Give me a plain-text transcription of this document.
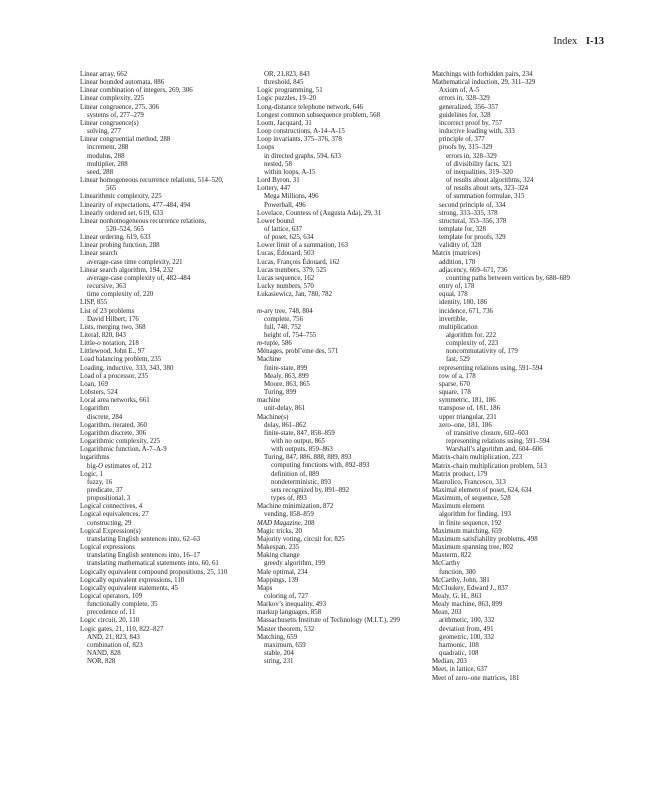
Index I-13
Linear array, 662
Linear bounded automata, 886
Linear combination of integers, 269, 306
Linear complexity, 225
Linear congruence, 275, 306
systems of, 277–279
Linear congruence(s)
solving, 277
Linear congruential method, 288
increment, 288
modulus, 288
multiplier, 288
seed, 288
Linear homogeneous recurrence relations, 514–520,
565
Linearithmic complexity, 225
Linearity of expectations, 477–484, 494
Linearly ordered set, 619, 633
Linear nonhomogeneous recurrence relations,
520–524, 565
Linear ordering, 619, 633
Linear probing function, 288
Linear search
average-case time complexity, 221
Linear search algorithm, 194, 232
average-case complexity of, 482–484
recursive, 363
time complexity of, 220
LISP, 855
List of 23 problems
David Hilbert, 176
Lists, merging two, 368
Literal, 820, 843
Little-o notation, 218
Littlewood, John E., 97
Load balancing problem, 235
Loading, inductive, 333, 343, 380
Load of a processor, 235
Loan, 169
Lobsters, 524
Local area networks, 661
Logarithm
discrete, 284
Logarithm, iterated, 360
Logarithm discrete, 306
Logarithmic complexity, 225
Logarithmic function, A-7–A-9
logarithms
big-O estimates of, 212
Logic, 1
fuzzy, 16
predicate, 37
propositional, 3
Logical connectives, 4
Logical equivalences, 27
constructing, 29
Logical Expression(s)
translating English sentences into, 62–63
Logical expressions
translating English sentences into, 16–17
translating mathematical statements into, 60, 61
Logically equivalent compound propositions, 25, 110
Logically equivalent expressions, 110
Logically equivalent statements, 45
Logical operators, 109
functionally complete, 35
precedence of, 11
Logic circuit, 20, 110
Logic gates, 21, 110, 822–827
AND, 21, 823, 843
combination of, 823
NAND, 828
NOR, 828
OR, 21,823, 843
threshold, 845
Logic programming, 51
Logic puzzles, 19–20
Long-distance telephone network, 646
Longest common subsequence problem, 568
Loom, Jacquard, 31
Loop constructions, A-14–A-15
Loop invariants, 375–376, 378
Loops
in directed graphs, 594, 633
nested, 58
within loops, A-15
Lord Byron, 31
Lottery, 447
Mega Millions, 496
Powerball, 496
Lovelace, Countess of (Augusta Ada), 29, 31
Lower bound
of lattice, 637
of poset, 625, 634
Lower limit of a summation, 163
Lucas, Édouard, 503
Lucas, François Édouard, 162
Lucas numbers, 379, 525
Lucas sequence, 162
Lucky numbers, 570
Łukasiewicz, Jan, 780, 782
m-ary tree, 748, 804
complete, 756
full, 748, 752
height of, 754–755
m-tuple, 586
Ménages, probl’eme des, 571
Machine
finite-state, 899
Mealy, 863, 899
Moore, 863, 865
Turing, 899
machine
unit-delay, 861
Machine(s)
delay, 861–862
finite-state, 847, 858–859
with no output, 865
with outputs, 859–863
Turing, 847, 886, 888, 889, 893
computing functions with, 892–893
definition of, 889
nondeterministic, 893
sets recognized by, 891–892
types of, 893
Machine minimization, 872
vending, 858–859
MAD Magazine, 208
Magic tricks, 20
Majority voting, circuit for, 825
Makespan, 235
Making change
greedy algorithm, 199
Male optimal, 234
Mappings, 139
Maps
coloring of, 727
Markov’s inequality, 493
markup languages, 858
Massachusetts Institute of Technology (M.I.T.), 299
Master theorem, 532
Matching, 659
maximum, 659
stable, 204
string, 231
Matchings with forbidden pairs, 234
Mathematical induction, 29, 311–329
Axiom of, A-5
errors in, 328–329
generalized, 356–357
guidelines for, 328
incorrect proof by, 757
inductive loading with, 333
principle of, 377
proofs by, 315–329
errors in, 328–329
of divisibility facts, 321
of inequalities, 319–320
of results about algorithms, 324
of results about sets, 323–324
of summation formulae, 315
second principle of, 334
strong, 333–335, 378
structural, 353–356, 378
template for, 328
template for proofs, 329
validity of, 328
Matrix (matrices)
addition, 178
adjacency, 669–671, 736
counting paths between vertices by, 688–689
entry of, 178
equal, 178
identity, 180, 186
incidence, 671, 736
invertible,
multiplication
algorithm for, 222
complexity of, 223
noncommutativity of, 179
fast, 529
representing relations using, 591–594
row of a, 178
sparse, 670
square, 178
symmetric, 181, 186
transpose of, 181, 186
upper triangular, 231
zero–one, 181, 186
of transitive closure, 602–603
representing relations using, 591–594
Warshall’s algorithm and, 604–606
Matrix-chain multiplication, 223
Matrix-chain multiplication problem, 513
Matrix product, 179
Maurolico, Francesco, 313
Maximal element of poset, 624, 634
Maximum, of sequence, 528
Maximum element
algorithm for finding, 193
in finite sequence, 192
Maximum matching, 659
Maximum satisfiability problems, 498
Maximum spanning tree, 802
Maxterm, 822
McCarthy
function, 380
McCarthy, John, 381
McCluskey, Edward J., 837
Mealy, G. H., 863
Mealy machine, 863, 899
Mean, 203
arithmetic, 100, 332
deviation from, 491
geometric, 100, 332
harmonic, 108
quadratic, 108
Median, 203
Meet, in lattice, 637
Meet of zero–one matrices, 181
